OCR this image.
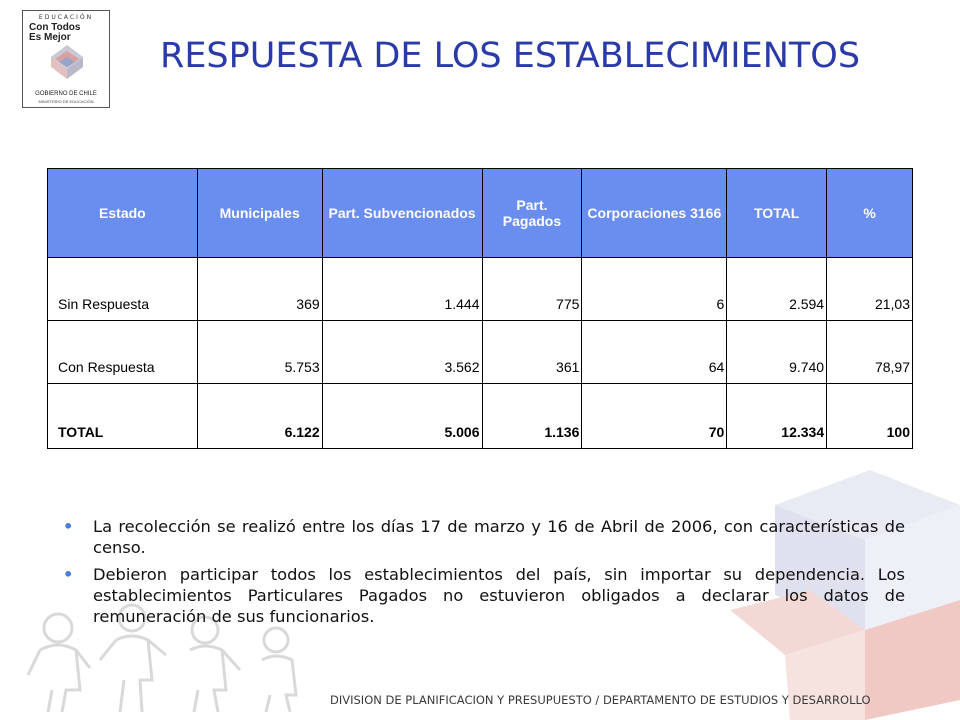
EDUCACIÓN
Con Todos
Es Mejor
GOBIERNO DE CHILE
MINISTERIO DE EDUCACIÓN
RESPUESTA DE LOS ESTABLECIMIENTOS
Estado	Municipales	Part. Subvencionados	Part. Pagados	Corporaciones 3166	TOTAL	%
Sin Respuesta	369	1.444	775	6	2.594	21,03
Con Respuesta	5.753	3.562	361	64	9.740	78,97
TOTAL	6.122	5.006	1.136	70	12.334	100
• La recolección se realizó entre los días 17 de marzo y 16 de Abril de 2006, con características de censo.
• Debieron participar todos los establecimientos del país, sin importar su dependencia. Los establecimientos Particulares Pagados no estuvieron obligados a declarar los datos de remuneración de sus funcionarios.
DIVISION DE PLANIFICACION Y PRESUPUESTO / DEPARTAMENTO DE ESTUDIOS Y DESARROLLO
